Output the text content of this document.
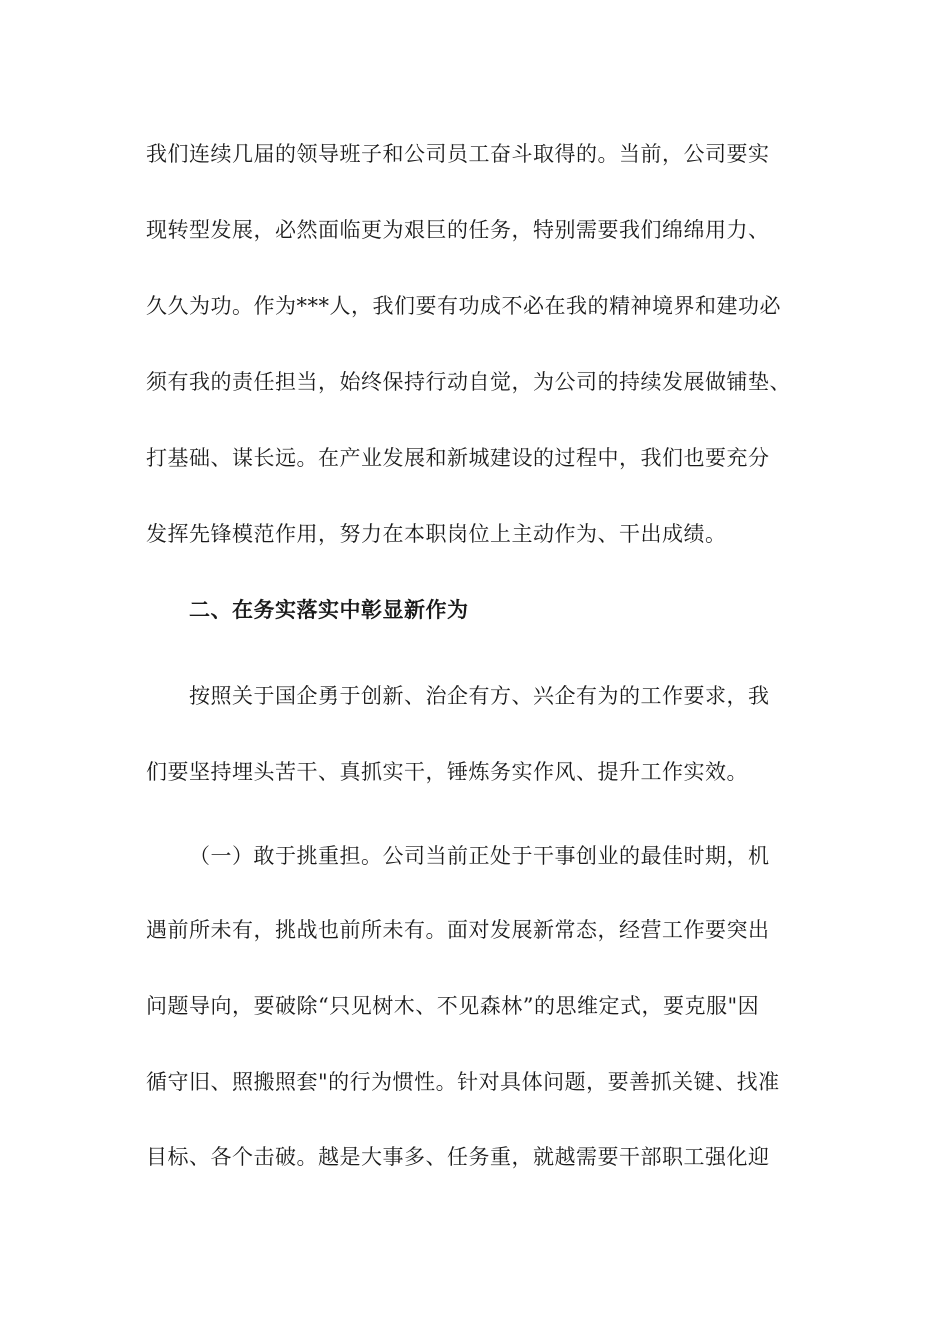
我们连续几届的领导班子和公司员工奋斗取得的。当前，公司要实
现转型发展，必然面临更为艰巨的任务，特别需要我们绵绵用力、
久久为功。作为***人，我们要有功成不必在我的精神境界和建功必
须有我的责任担当，始终保持行动自觉，为公司的持续发展做铺垫、
打基础、谋长远。在产业发展和新城建设的过程中，我们也要充分
发挥先锋模范作用，努力在本职岗位上主动作为、干出成绩。
二、在务实落实中彰显新作为
按照关于国企勇于创新、治企有方、兴企有为的工作要求，我
们要坚持埋头苦干、真抓实干，锤炼务实作风、提升工作实效。
（一）敢于挑重担。公司当前正处于干事创业的最佳时期，机
遇前所未有，挑战也前所未有。面对发展新常态，经营工作要突出
问题导向，要破除“只见树木、不见森林”的思维定式，要克服"因
循守旧、照搬照套"的行为惯性。针对具体问题，要善抓关键、找准
目标、各个击破。越是大事多、任务重，就越需要干部职工强化迎
